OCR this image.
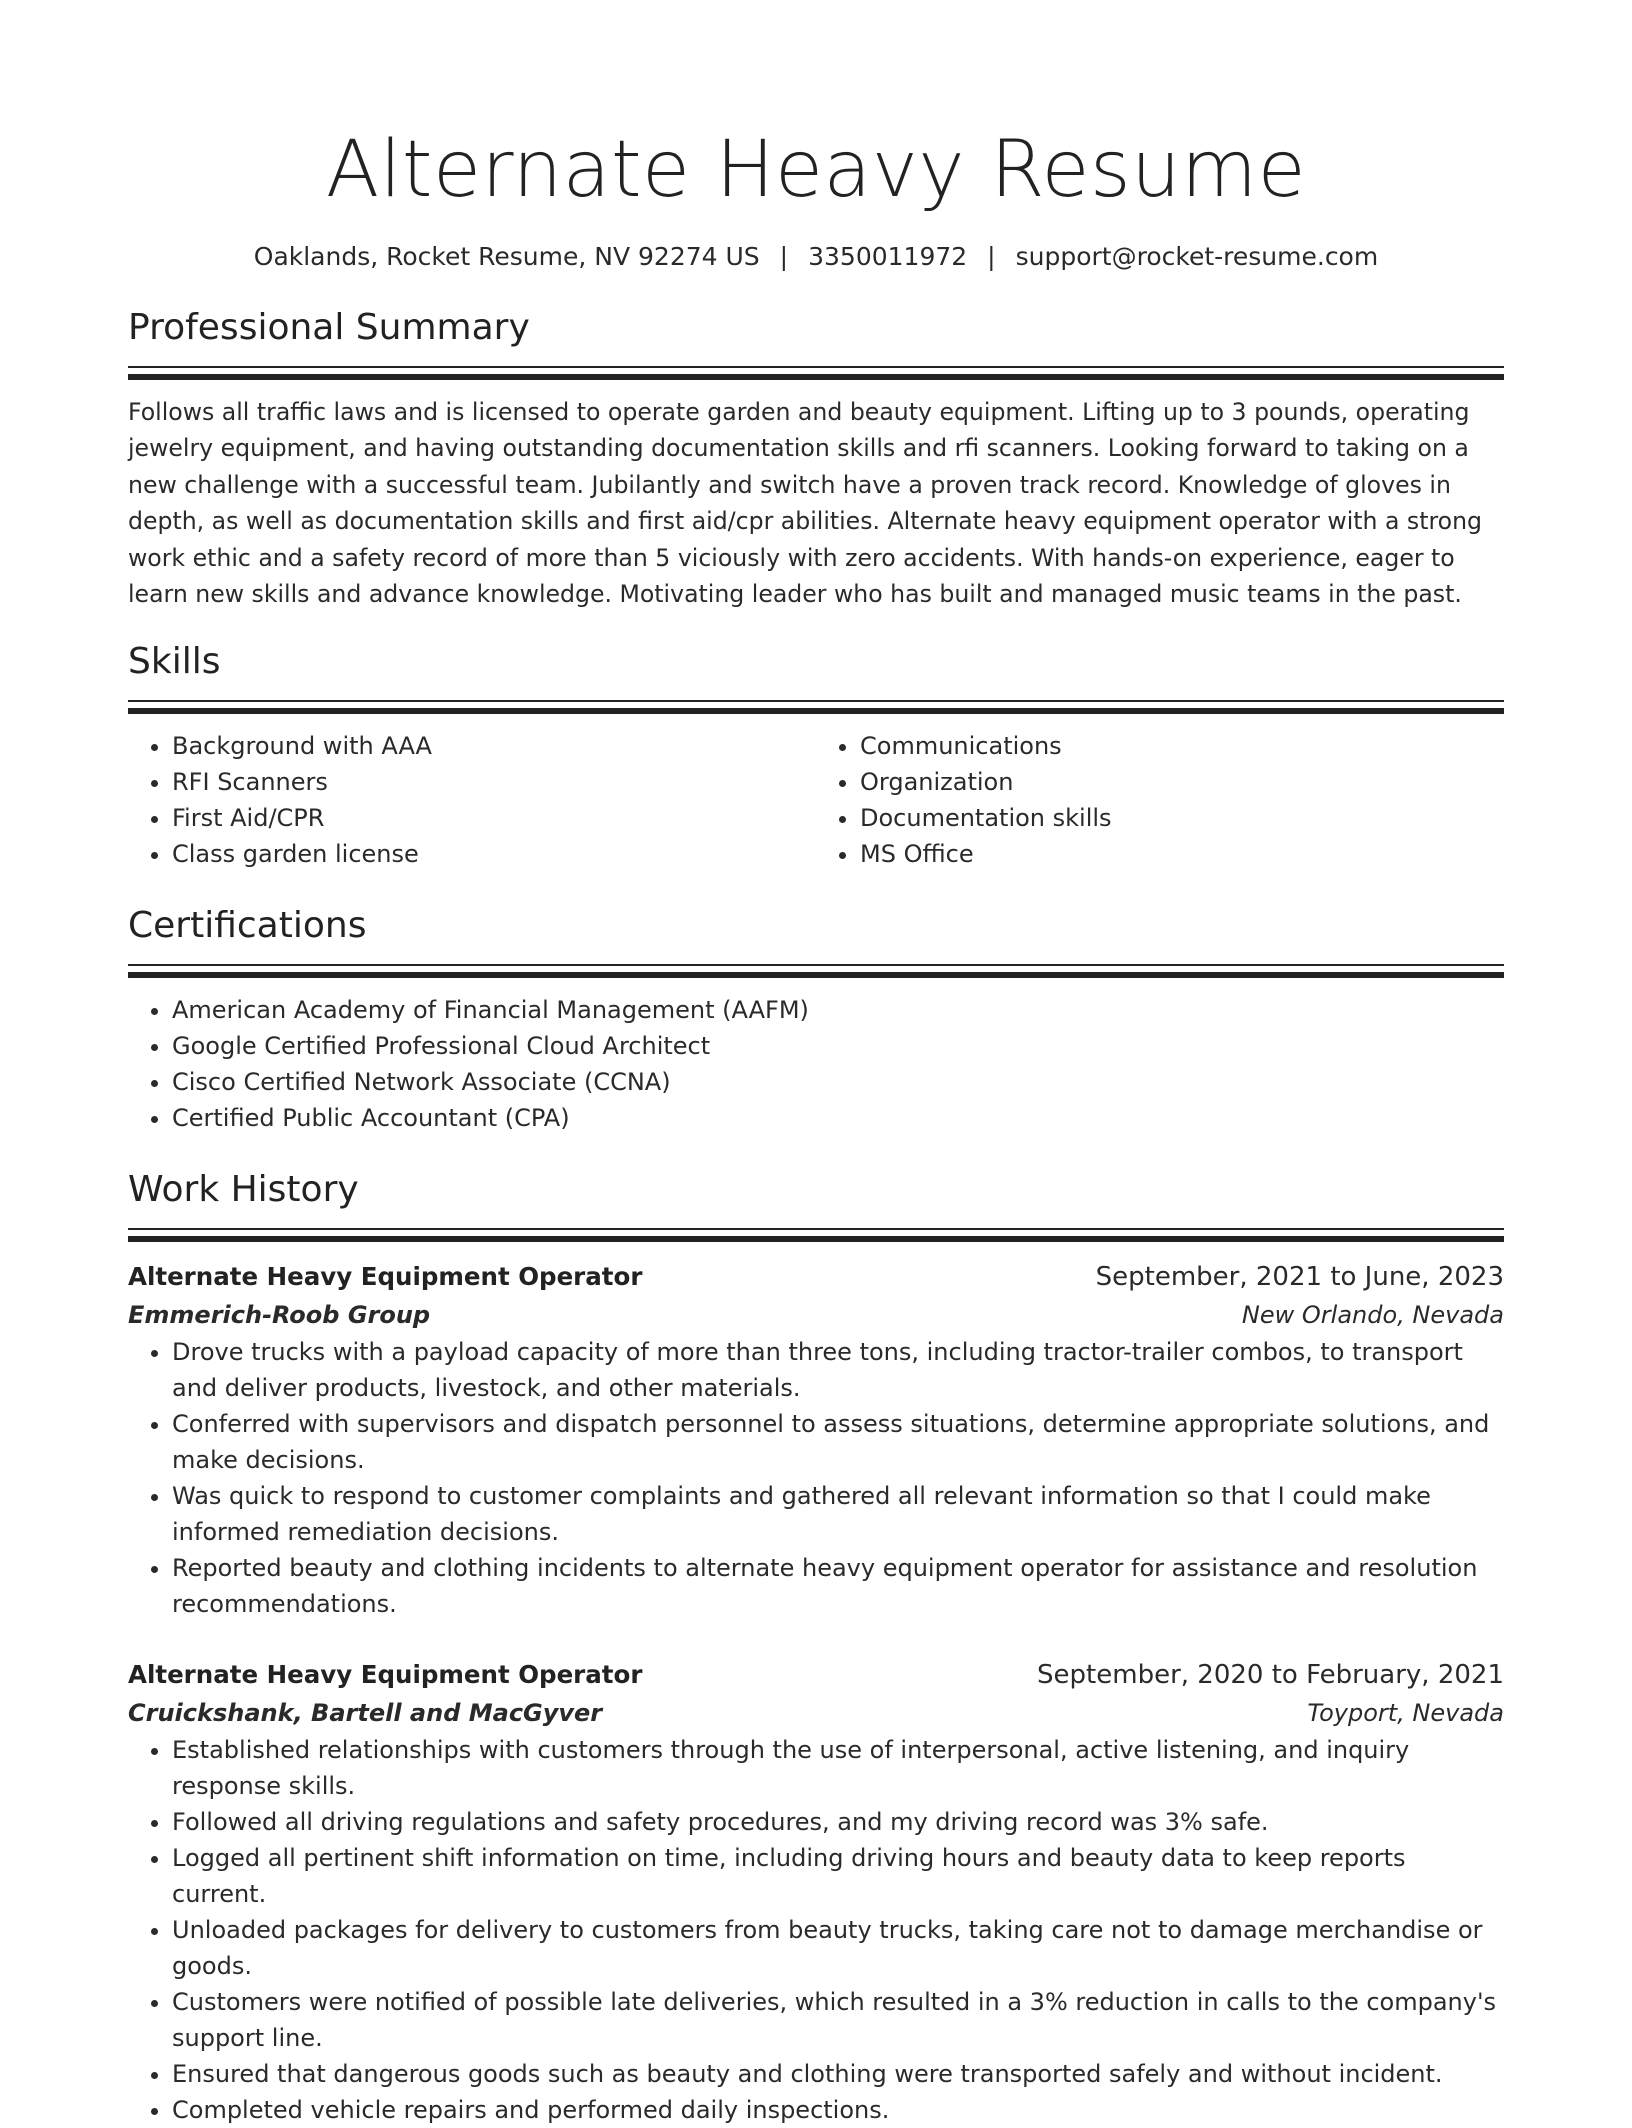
Alternate Heavy Resume
Oaklands, Rocket Resume, NV 92274 US | 3350011972 | support@rocket-resume.com
Professional Summary

Follows all traffic laws and is licensed to operate garden and beauty equipment. Lifting up to 3 pounds, operating jewelry equipment, and having outstanding documentation skills and rfi scanners. Looking forward to taking on a new challenge with a successful team. Jubilantly and switch have a proven track record. Knowledge of gloves in depth, as well as documentation skills and first aid/cpr abilities. Alternate heavy equipment operator with a strong work ethic and a safety record of more than 5 viciously with zero accidents. With hands-on experience, eager to learn new skills and advance knowledge. Motivating leader who has built and managed music teams in the past.

Skills
• Background with AAA
• RFI Scanners
• First Aid/CPR
• Class garden license
• Communications
• Organization
• Documentation skills
• MS Office
Certifications
• American Academy of Financial Management (AAFM)
• Google Certified Professional Cloud Architect
• Cisco Certified Network Associate (CCNA)
• Certified Public Accountant (CPA)
Work History
Alternate Heavy Equipment Operator	September, 2021 to June, 2023
Emmerich-Roob Group	New Orlando, Nevada
• Drove trucks with a payload capacity of more than three tons, including tractor-trailer combos, to transport and deliver products, livestock, and other materials.
• Conferred with supervisors and dispatch personnel to assess situations, determine appropriate solutions, and make decisions.
• Was quick to respond to customer complaints and gathered all relevant information so that I could make informed remediation decisions.
• Reported beauty and clothing incidents to alternate heavy equipment operator for assistance and resolution recommendations.
Alternate Heavy Equipment Operator	September, 2020 to February, 2021
Cruickshank, Bartell and MacGyver	Toyport, Nevada
• Established relationships with customers through the use of interpersonal, active listening, and inquiry response skills.
• Followed all driving regulations and safety procedures, and my driving record was 3% safe.
• Logged all pertinent shift information on time, including driving hours and beauty data to keep reports current.
• Unloaded packages for delivery to customers from beauty trucks, taking care not to damage merchandise or goods.
• Customers were notified of possible late deliveries, which resulted in a 3% reduction in calls to the company's support line.
• Ensured that dangerous goods such as beauty and clothing were transported safely and without incident.
• Completed vehicle repairs and performed daily inspections.
